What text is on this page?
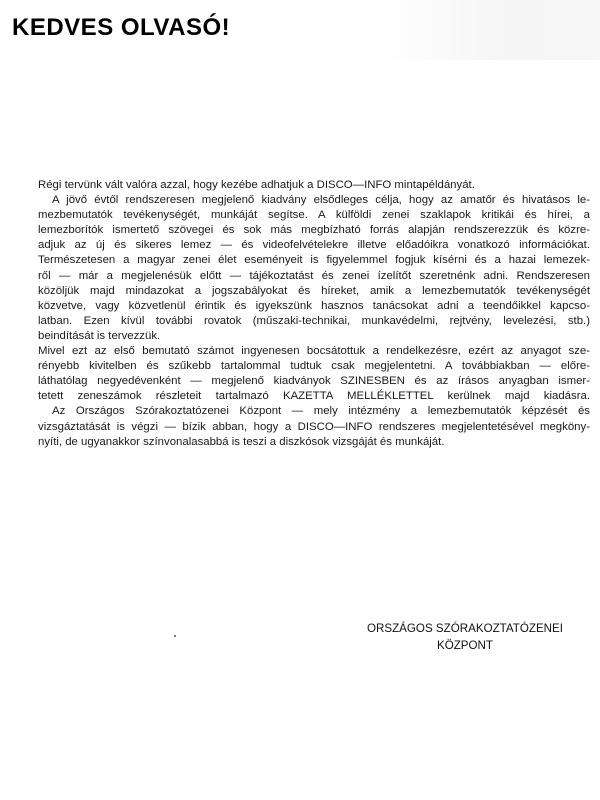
KEDVES OLVASÓ!
Régi tervünk vált valóra azzal, hogy kezébe adhatjuk a DISCO—INFO mintapéldányát.
A jövő évtől rendszeresen megjelenő kiadvány elsődleges célja, hogy az amatőr és hivatásos le-
mezbemutatók tevékenységét, munkáját segítse. A külföldi zenei szaklapok kritikái és hírei, a
lemezborítók ismertető szövegei és sok más megbízható forrás alapján rendszerezzük és közre-
adjuk az új és sikeres lemez — és videofelvételekre illetve előadóikra vonatkozó információkat.
Természetesen a magyar zenei élet eseményeit is figyelemmel fogjuk kísérni és a hazai lemezek-
ről — már a megjelenésük előtt — tájékoztatást és zenei ízelítőt szeretnénk adni. Rendszeresen
közöljük majd mindazokat a jogszabályokat és híreket, amik a lemezbemutatók tevékenységét
közvetve, vagy közvetlenül érintik és igyekszünk hasznos tanácsokat adni a teendőikkel kapcso-
latban. Ezen kívül további rovatok (műszaki-technikai, munkavédelmi, rejtvény, levelezési, stb.)
beindítását is tervezzük.
Mivel ezt az első bemutató számot ingyenesen bocsátottuk a rendelkezésre, ezért az anyagot sze-
rényebb kivitelben és szűkebb tartalommal tudtuk csak megjelentetni. A továbbiakban — előre-
láthatólag negyedévenként — megjelenő kiadványok SZINESBEN és az írásos anyagban ismer-
tetett zeneszámok részleteit tartalmazó KAZETTA MELLÉKLETTEL kerülnek majd kiadásra.
Az Országos Szórakoztatózenei Központ — mely intézmény a lemezbemutatók képzését és
vizsgáztatását is végzi — bízik abban, hogy a DISCO—INFO rendszeres megjelentetésével megköny-
nyíti, de ugyanakkor színvonalasabbá is teszi a diszkósok vizsgáját és munkáját.
ORSZÁGOS SZÓRAKOZTATÓZENEI
KÖZPONT
